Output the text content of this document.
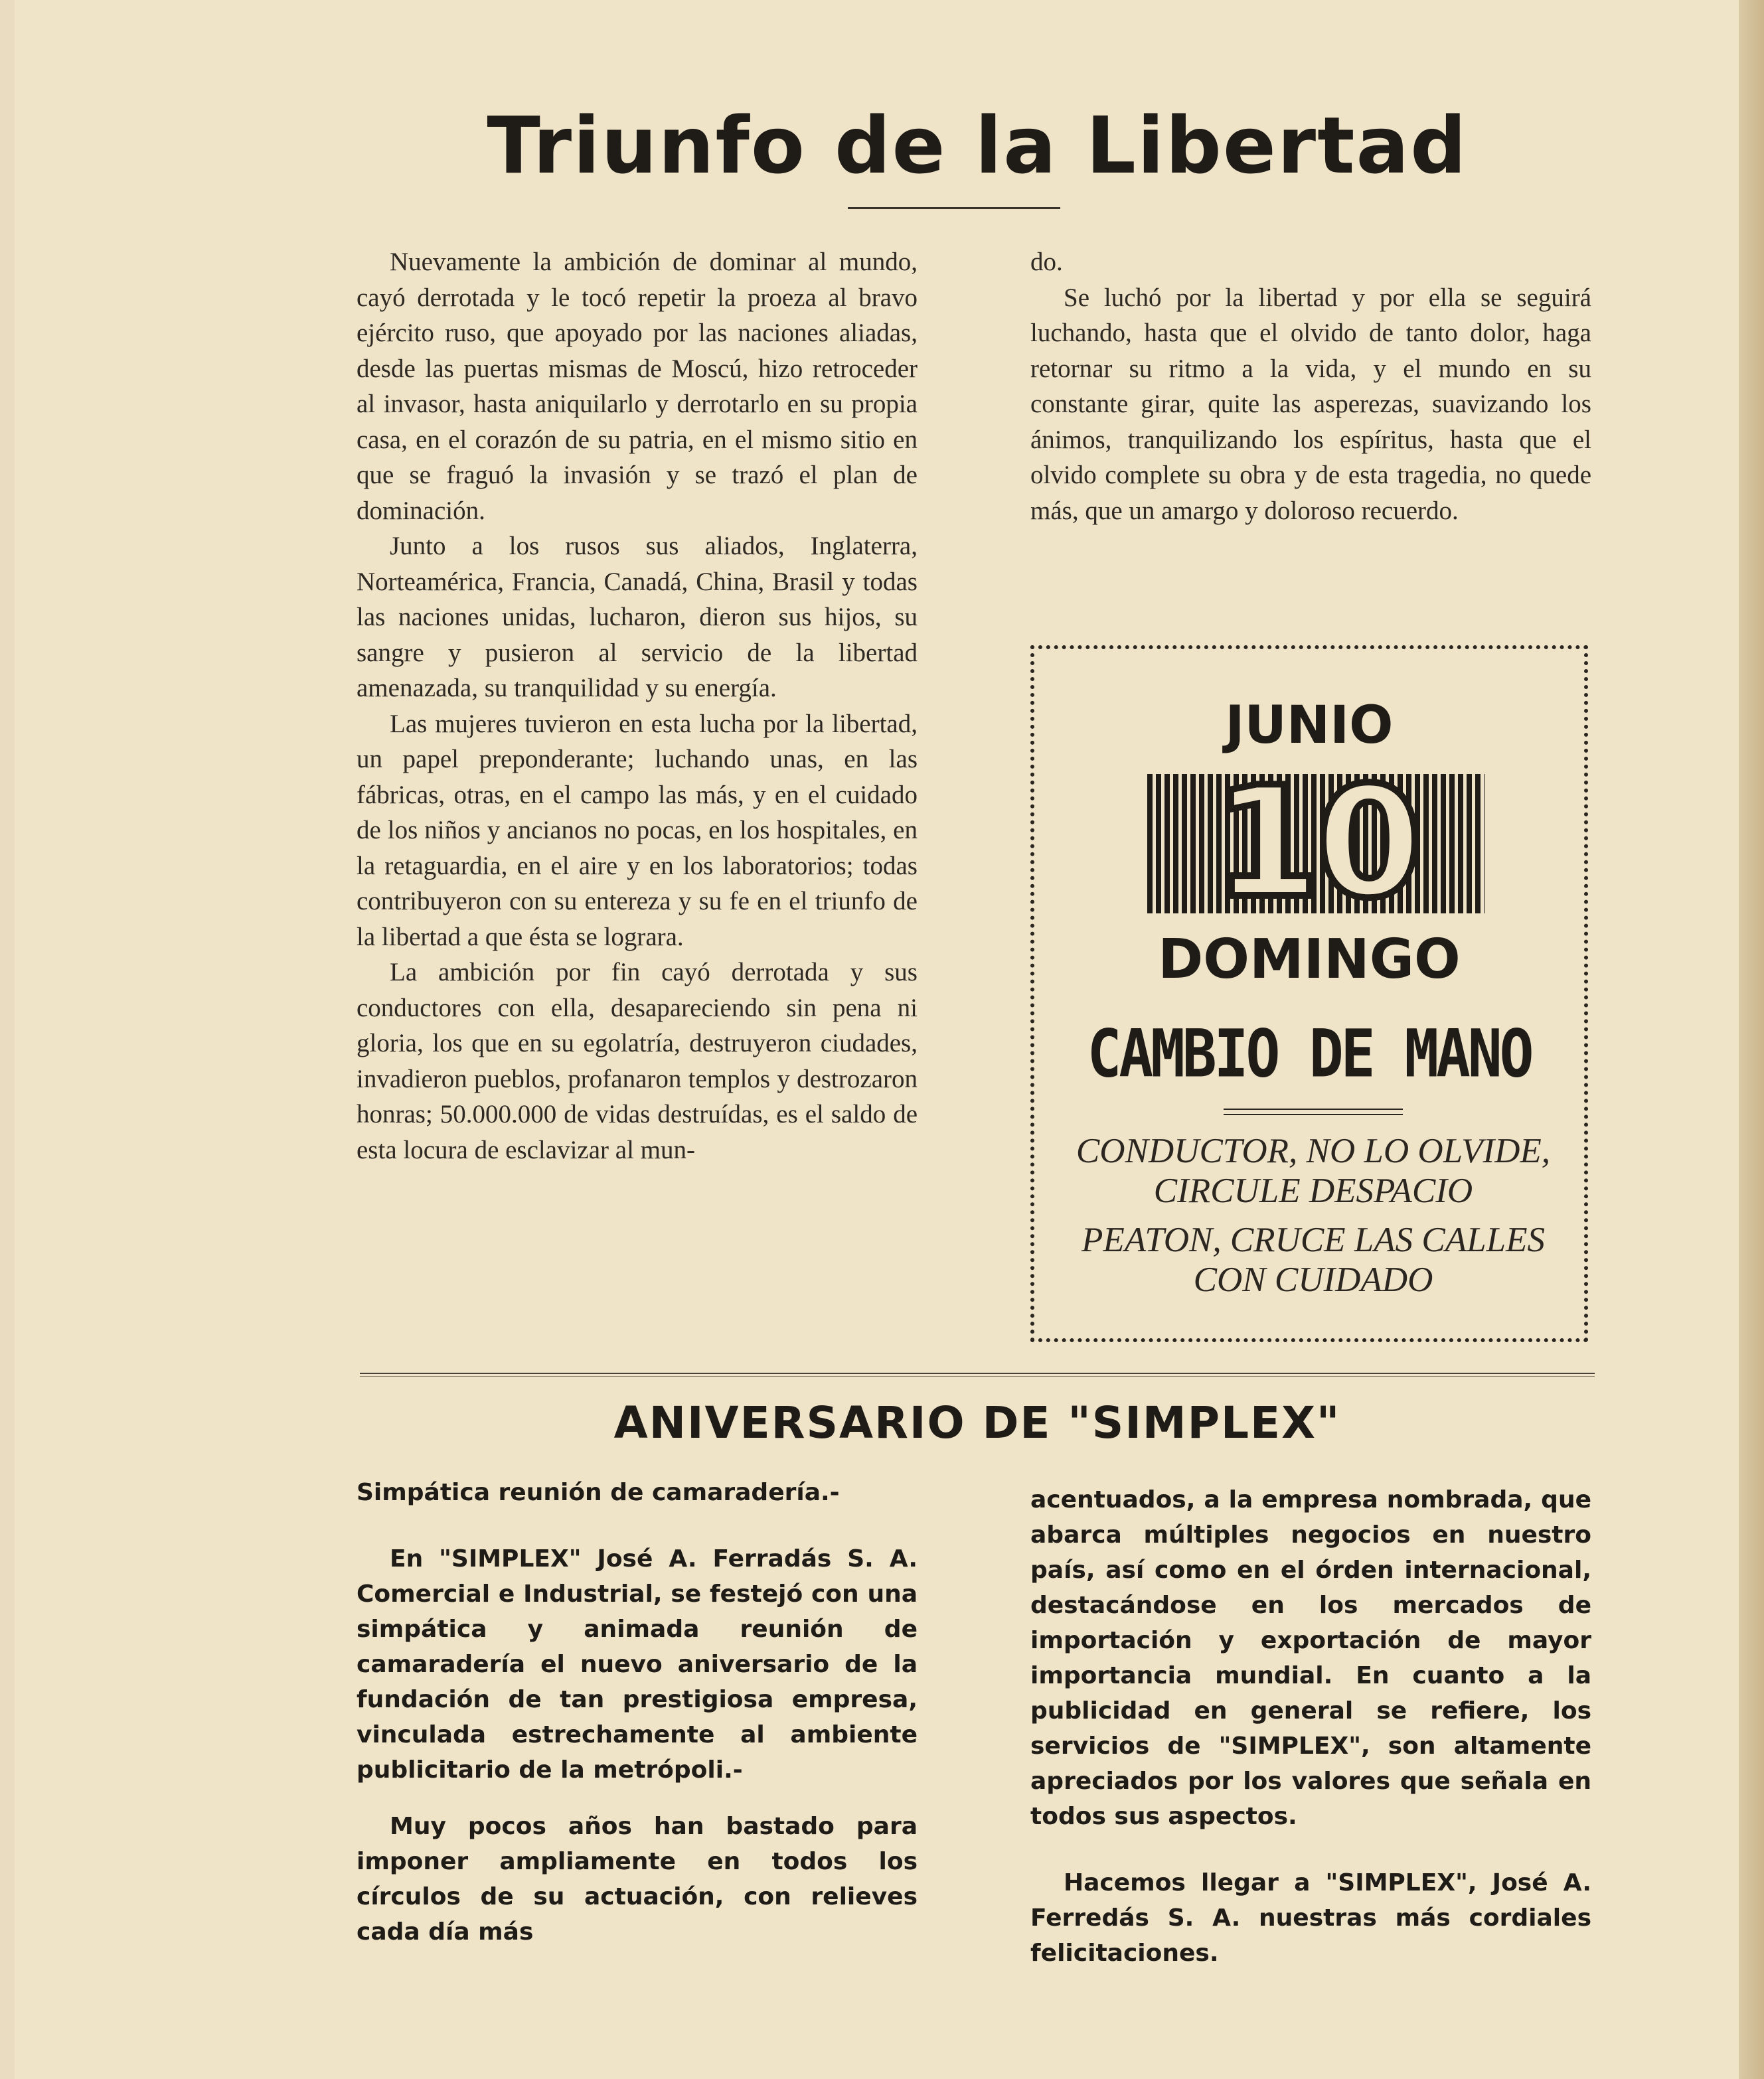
Triunfo de la Libertad

Nuevamente la ambición de dominar al mundo, cayó derrotada y le tocó repetir la proeza al bravo ejército ruso, que apoyado por las naciones aliadas, desde las puertas mismas de Moscú, hizo retroceder al invasor, hasta aniquilarlo y derrotarlo en su propia casa, en el corazón de su patria, en el mismo sitio en que se fraguó la invasión y se trazó el plan de dominación.

Junto a los rusos sus aliados, Inglaterra, Norteamérica, Francia, Canadá, China, Brasil y todas las naciones unidas, lucharon, dieron sus hijos, su sangre y pusieron al servicio de la libertad amenazada, su tranquilidad y su energía.

Las mujeres tuvieron en esta lucha por la libertad, un papel preponderante; luchando unas, en las fábricas, otras, en el campo las más, y en el cuidado de los niños y ancianos no pocas, en los hospitales, en la retaguardia, en el aire y en los laboratorios; todas contribuyeron con su entereza y su fe en el triunfo de la libertad a que ésta se lograra.

La ambición por fin cayó derrotada y sus conductores con ella, desapareciendo sin pena ni gloria, los que en su egolatría, destruyeron ciudades, invadieron pueblos, profanaron templos y destrozaron honras; 50.000.000 de vidas destruídas, es el saldo de esta locura de esclavizar al mun-

do.

Se luchó por la libertad y por ella se seguirá luchando, hasta que el olvido de tanto dolor, haga retornar su ritmo a la vida, y el mundo en su constante girar, quite las asperezas, suavizando los ánimos, tranquilizando los espíritus, hasta que el olvido complete su obra y de esta tragedia, no quede más, que un amargo y doloroso recuerdo.

JUNIO
10
DOMINGO
CAMBIO DE MANO
CONDUCTOR, NO LO OLVIDE, CIRCULE DESPACIO
PEATON, CRUCE LAS CALLES CON CUIDADO
ANIVERSARIO DE "SIMPLEX"

Simpática reunión de camaradería.-

En "SIMPLEX" José A. Ferradás S. A. Comercial e Industrial, se festejó con una simpática y animada reunión de camaradería el nuevo aniversario de la fundación de tan prestigiosa empresa, vinculada estrechamente al ambiente publicitario de la metrópoli.-

Muy pocos años han bastado para imponer ampliamente en todos los círculos de su actuación, con relieves cada día más

acentuados, a la empresa nombrada, que abarca múltiples negocios en nuestro país, así como en el órden internacional, destacándose en los mercados de importación y exportación de mayor importancia mundial. En cuanto a la publicidad en general se refiere, los servicios de "SIMPLEX", son altamente apreciados por los valores que señala en todos sus aspectos.

Hacemos llegar a "SIMPLEX", José A. Ferredás S. A. nuestras más cordiales felicitaciones.
